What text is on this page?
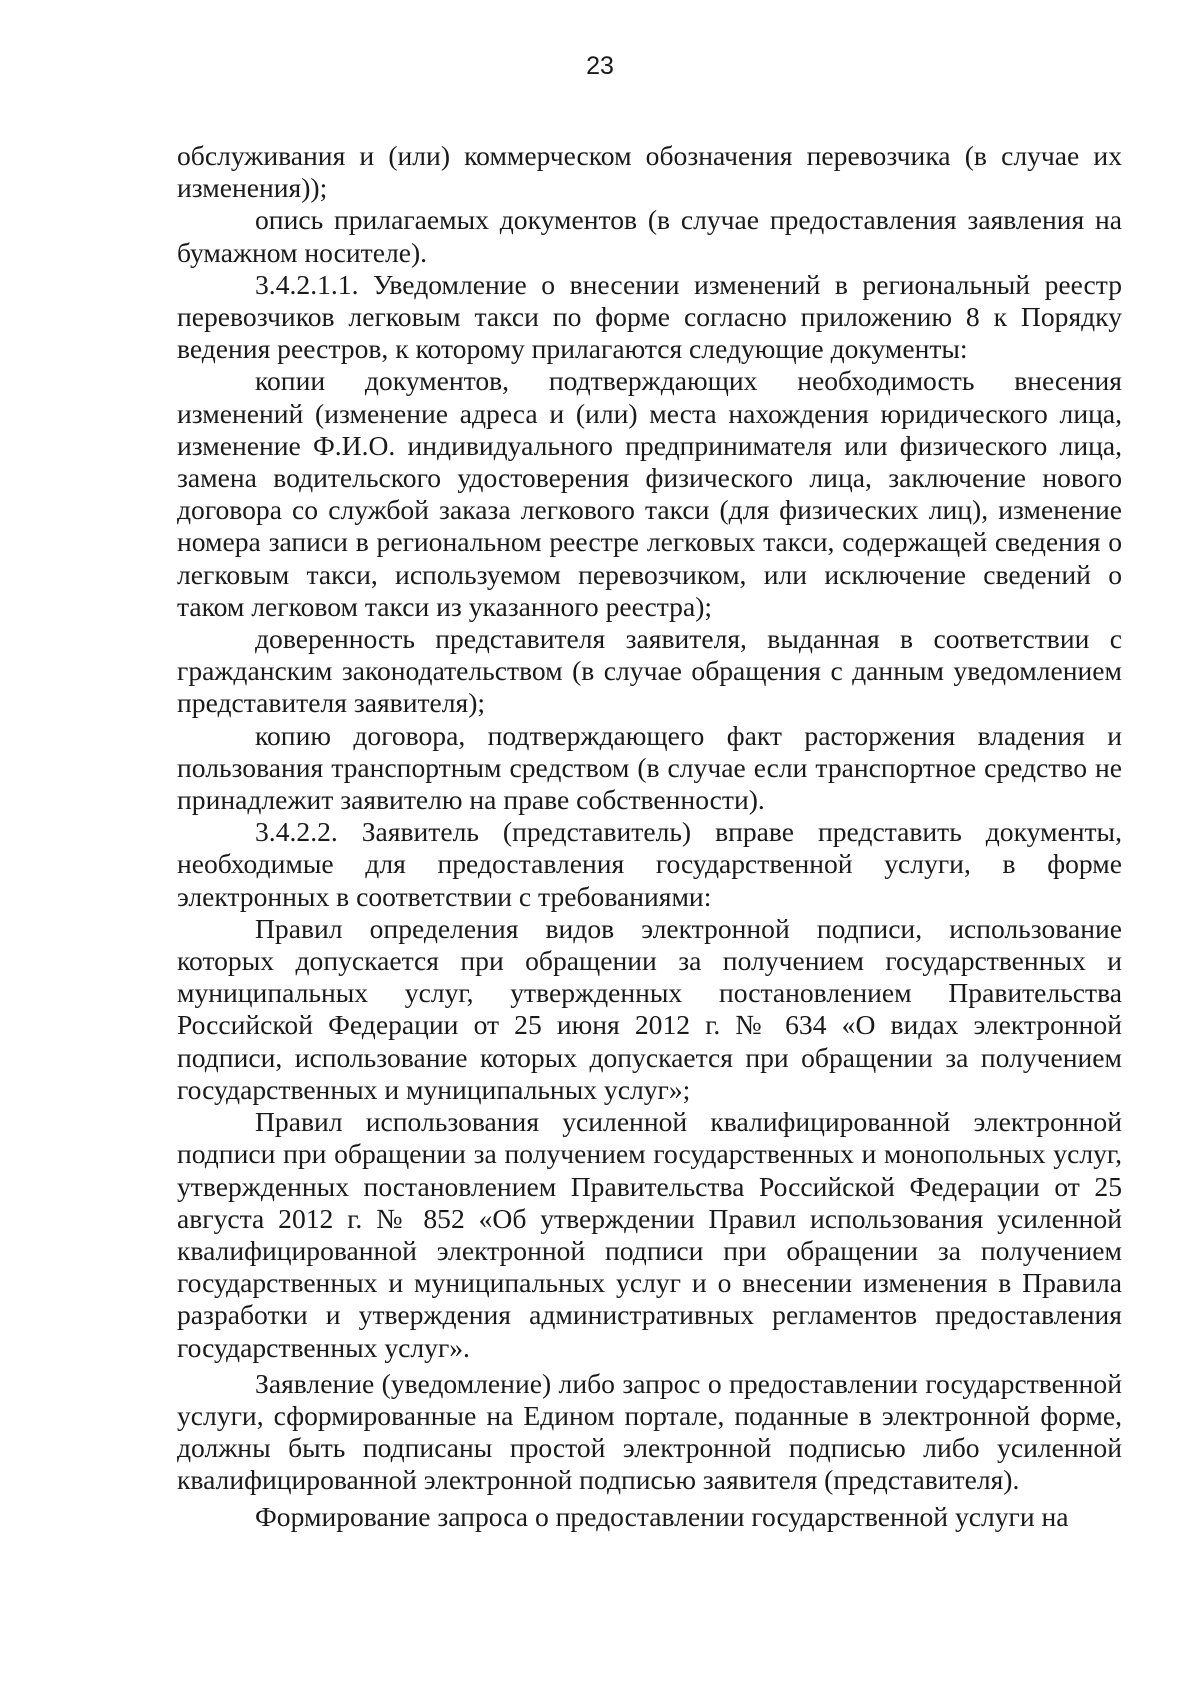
23

обслуживания и (или) коммерческом обозначения перевозчика (в случае их изменения));

опись прилагаемых документов (в случае предоставления заявления на бумажном носителе).

3.4.2.1.1. Уведомление о внесении изменений в региональный реестр перевозчиков легковым такси по форме согласно приложению 8 к Порядку ведения реестров, к которому прилагаются следующие документы:

копии документов, подтверждающих необходимость внесения изменений (изменение адреса и (или) места нахождения юридического лица, изменение Ф.И.О. индивидуального предпринимателя или физического лица, замена водительского удостоверения физического лица, заключение нового договора со службой заказа легкового такси (для физических лиц), изменение номера записи в региональном реестре легковых такси, содержащей сведения о легковым такси, используемом перевозчиком, или исключение сведений о таком легковом такси из указанного реестра);

доверенность представителя заявителя, выданная в соответствии с гражданским законодательством (в случае обращения с данным уведомлением представителя заявителя);

копию договора, подтверждающего факт расторжения владения и пользования транспортным средством (в случае если транспортное средство не принадлежит заявителю на праве собственности).

3.4.2.2. Заявитель (представитель) вправе представить документы, необходимые для предоставления государственной услуги, в форме электронных в соответствии с требованиями:

Правил определения видов электронной подписи, использование которых допускается при обращении за получением государственных и муниципальных услуг, утвержденных постановлением Правительства Российской Федерации от 25 июня 2012 г. № 634 «О видах электронной подписи, использование которых допускается при обращении за получением государственных и муниципальных услуг»;

Правил использования усиленной квалифицированной электронной подписи при обращении за получением государственных и монопольных услуг, утвержденных постановлением Правительства Российской Федерации от 25 августа 2012 г. № 852 «Об утверждении Правил использования усиленной квалифицированной электронной подписи при обращении за получением государственных и муниципальных услуг и о внесении изменения в Правила разработки и утверждения административных регламентов предоставления государственных услуг».

Заявление (уведомление) либо запрос о предоставлении государственной услуги, сформированные на Едином портале, поданные в электронной форме, должны быть подписаны простой электронной подписью либо усиленной квалифицированной электронной подписью заявителя (представителя).

Формирование запроса о предоставлении государственной услуги на
